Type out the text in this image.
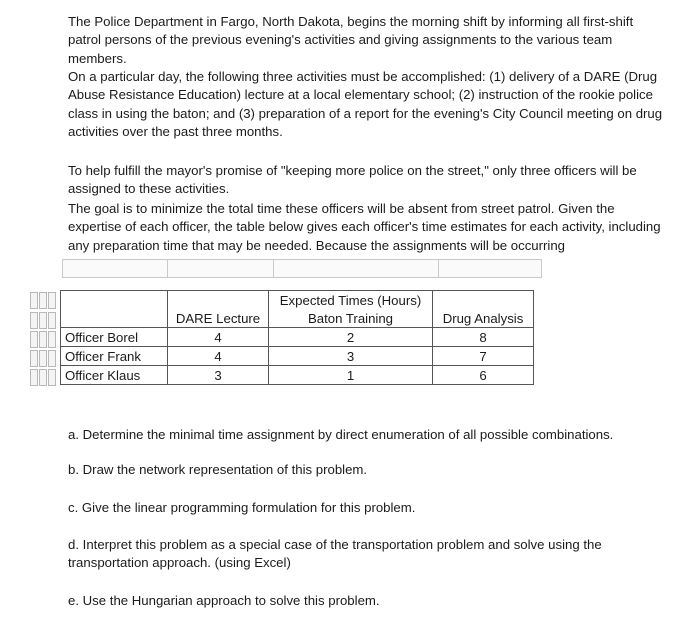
The Police Department in Fargo, North Dakota, begins the morning shift by informing all first-shift patrol persons of the previous evening's activities and giving assignments to the various team members.
On a particular day, the following three activities must be accomplished: (1) delivery of a DARE (Drug Abuse Resistance Education) lecture at a local elementary school; (2) instruction of the rookie police class in using the baton; and (3) preparation of a report for the evening's City Council meeting on drug activities over the past three months.
To help fulfill the mayor's promise of "keeping more police on the street," only three officers will be assigned to these activities.
The goal is to minimize the total time these officers will be absent from street patrol. Given the expertise of each officer, the table below gives each officer's time estimates for each activity, including any preparation time that may be needed. Because the assignments will be occurring
		Expected Times (Hours)	
	DARE Lecture	Baton Training	Drug Analysis
Officer Borel	4	2	8
Officer Frank	4	3	7
Officer Klaus	3	1	6
a. Determine the minimal time assignment by direct enumeration of all possible combinations.
b. Draw the network representation of this problem.
c. Give the linear programming formulation for this problem.
d. Interpret this problem as a special case of the transportation problem and solve using the transportation approach. (using Excel)
e. Use the Hungarian approach to solve this problem.
